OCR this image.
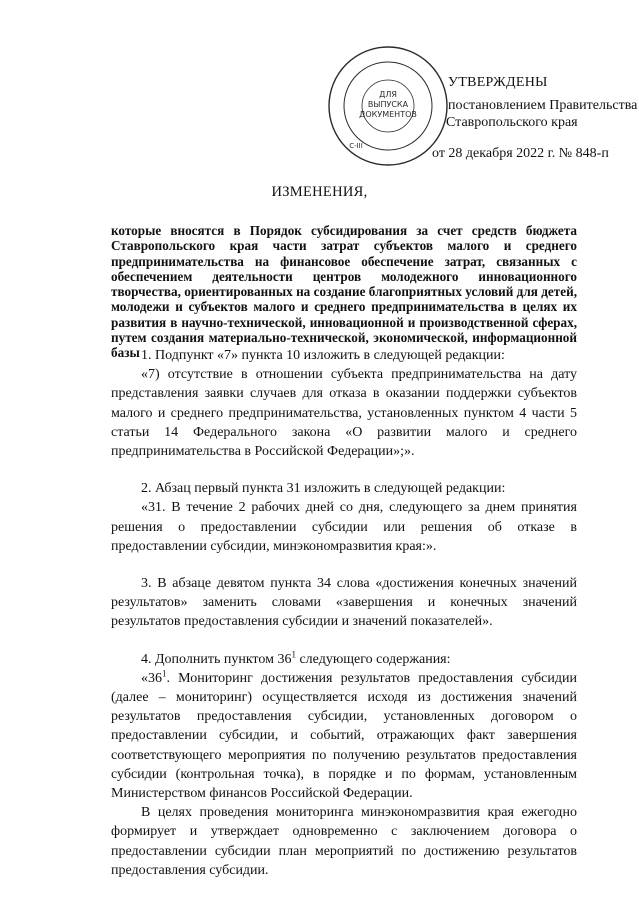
ДЛЯ
ВЫПУСКА
ДОКУМЕНТОВ
С-III
УТВЕРЖДЕНЫ
постановлением Правительства
Ставропольского края
от 28 декабря 2022 г. № 848-п
ИЗМЕНЕНИЯ,

которые вносятся в Порядок субсидирования за счет средств бюджета Ставропольского края части затрат субъектов малого и среднего предпринимательства на финансовое обеспечение затрат, связанных с обеспечением деятельности центров молодежного инновационного творчества, ориентированных на создание благоприятных условий для детей, молодежи и субъектов малого и среднего предпринимательства в целях их развития в научно-технической, инновационной и производственной сферах, путем создания материально-технической, экономической, информационной базы 1. Подпункт «7» пункта 10 изложить в следующей редакции:

«7) отсутствие в отношении субъекта предпринимательства на дату представления заявки случаев для отказа в оказании поддержки субъектов малого и среднего предпринимательства, установленных пунктом 4 части 5 статьи 14 Федерального закона «О развитии малого и среднего предпринимательства в Российской Федерации»;».

2. Абзац первый пункта 31 изложить в следующей редакции:

«31. В течение 2 рабочих дней со дня, следующего за днем принятия решения о предоставлении субсидии или решения об отказе в предоставлении субсидии, минэкономразвития края:».

3. В абзаце девятом пункта 34 слова «достижения конечных значений результатов» заменить словами «завершения и конечных значений результатов предоставления субсидии и значений показателей».

4. Дополнить пунктом $36^1$ следующего содержания:

«$36^1$. Мониторинг достижения результатов предоставления субсидии (далее – мониторинг) осуществляется исходя из достижения значений результатов предоставления субсидии, установленных договором о предоставлении субсидии, и событий, отражающих факт завершения соответствующего мероприятия по получению результатов предоставления субсидии (контрольная точка), в порядке и по формам, установленным Министерством финансов Российской Федерации.

В целях проведения мониторинга минэкономразвития края ежегодно формирует и утверждает одновременно с заключением договора о предоставлении субсидии план мероприятий по достижению результатов предоставления субсидии.
